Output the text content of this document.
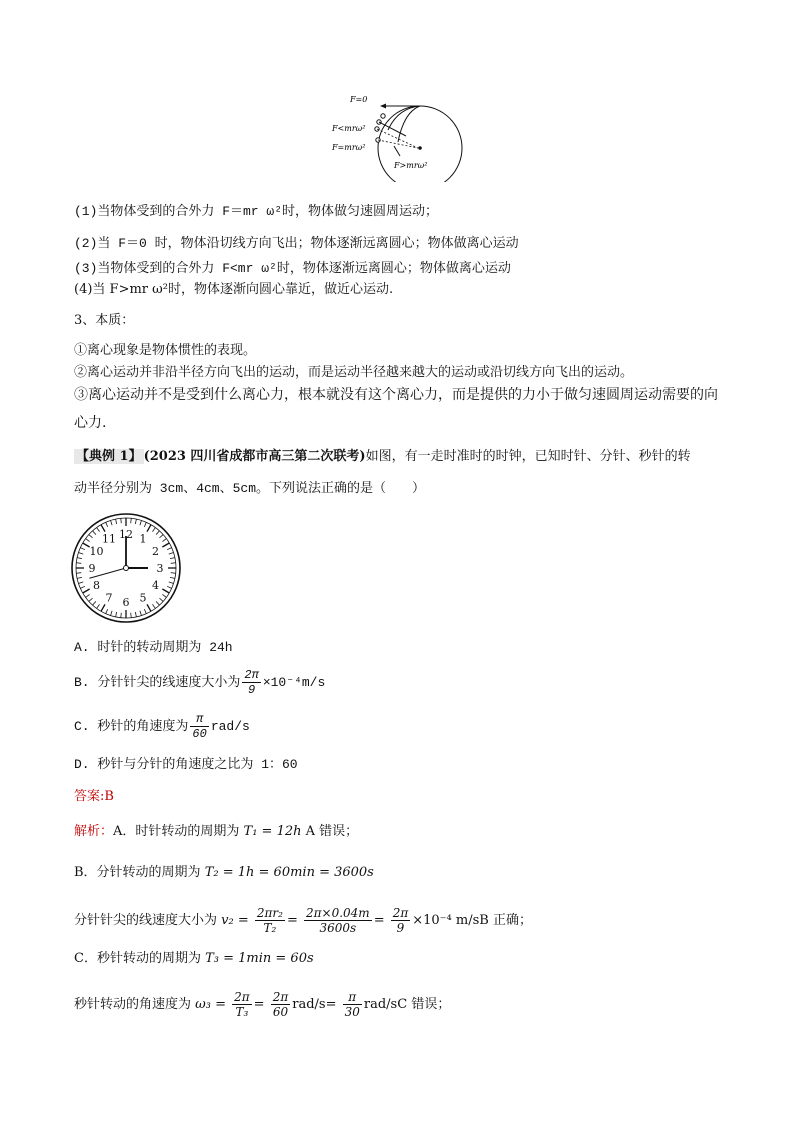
F=0
F<mrω²
F=mrω²
F>mrω²
(1)当物体受到的合外力 F＝mr ω²时，物体做匀速圆周运动；
(2)当 F＝0 时，物体沿切线方向飞出；物体逐渐远离圆心；物体做离心运动
(3)当物体受到的合外力 F<mr ω²时，物体逐渐远离圆心；物体做离心运动
(4)当 F>mr ω²时，物体逐渐向圆心靠近，做近心运动.
3、本质：
①离心现象是物体惯性的表现。
②离心运动并非沿半径方向飞出的运动，而是运动半径越来越大的运动或沿切线方向飞出的运动。
③离心运动并不是受到什么离心力，根本就没有这个离心力，而是提供的力小于做匀速圆周运动需要的向
心力.
【典例 1】 (2023 四川省成都市高三第二次联考)如图，有一走时准时的时钟，已知时针、分针、秒针的转
动半径分别为 3cm、4cm、5cm。下列说法正确的是（　　）
12 1
2
3
4
5
6
7
8
9
10
11
A. 时针的转动周期为 24h
B. 分针针尖的线速度大小为 $\frac{2\pi}{9} \times 10^{-4}m/s$
C. 秒针的角速度为 $\frac{\pi}{60} rad/s$
D. 秒针与分针的角速度之比为 1：60
答案:B
解析：A．时针转动的周期为 T₁ = 12h A 错误；
B．分针转动的周期为 T₂ = 1h = 60min = 3600s
分针针尖的线速度大小为 $v_2 = \frac{\text{2πr₂}}{\text{T₂}} = \frac{2\pi\times 0.04m}{3600s} = \frac{2\pi}{9} \times 10^{-4}$ m/sB 正确；
C．秒针转动的周期为 T₃ = 1min = 60s
秒针转动的角速度为 $\omega_3 = \frac{2\pi}{\text{T₃}} = \frac{2\pi}{60} rad/s= \frac{\pi}{30} rad/sC$ 错误；
